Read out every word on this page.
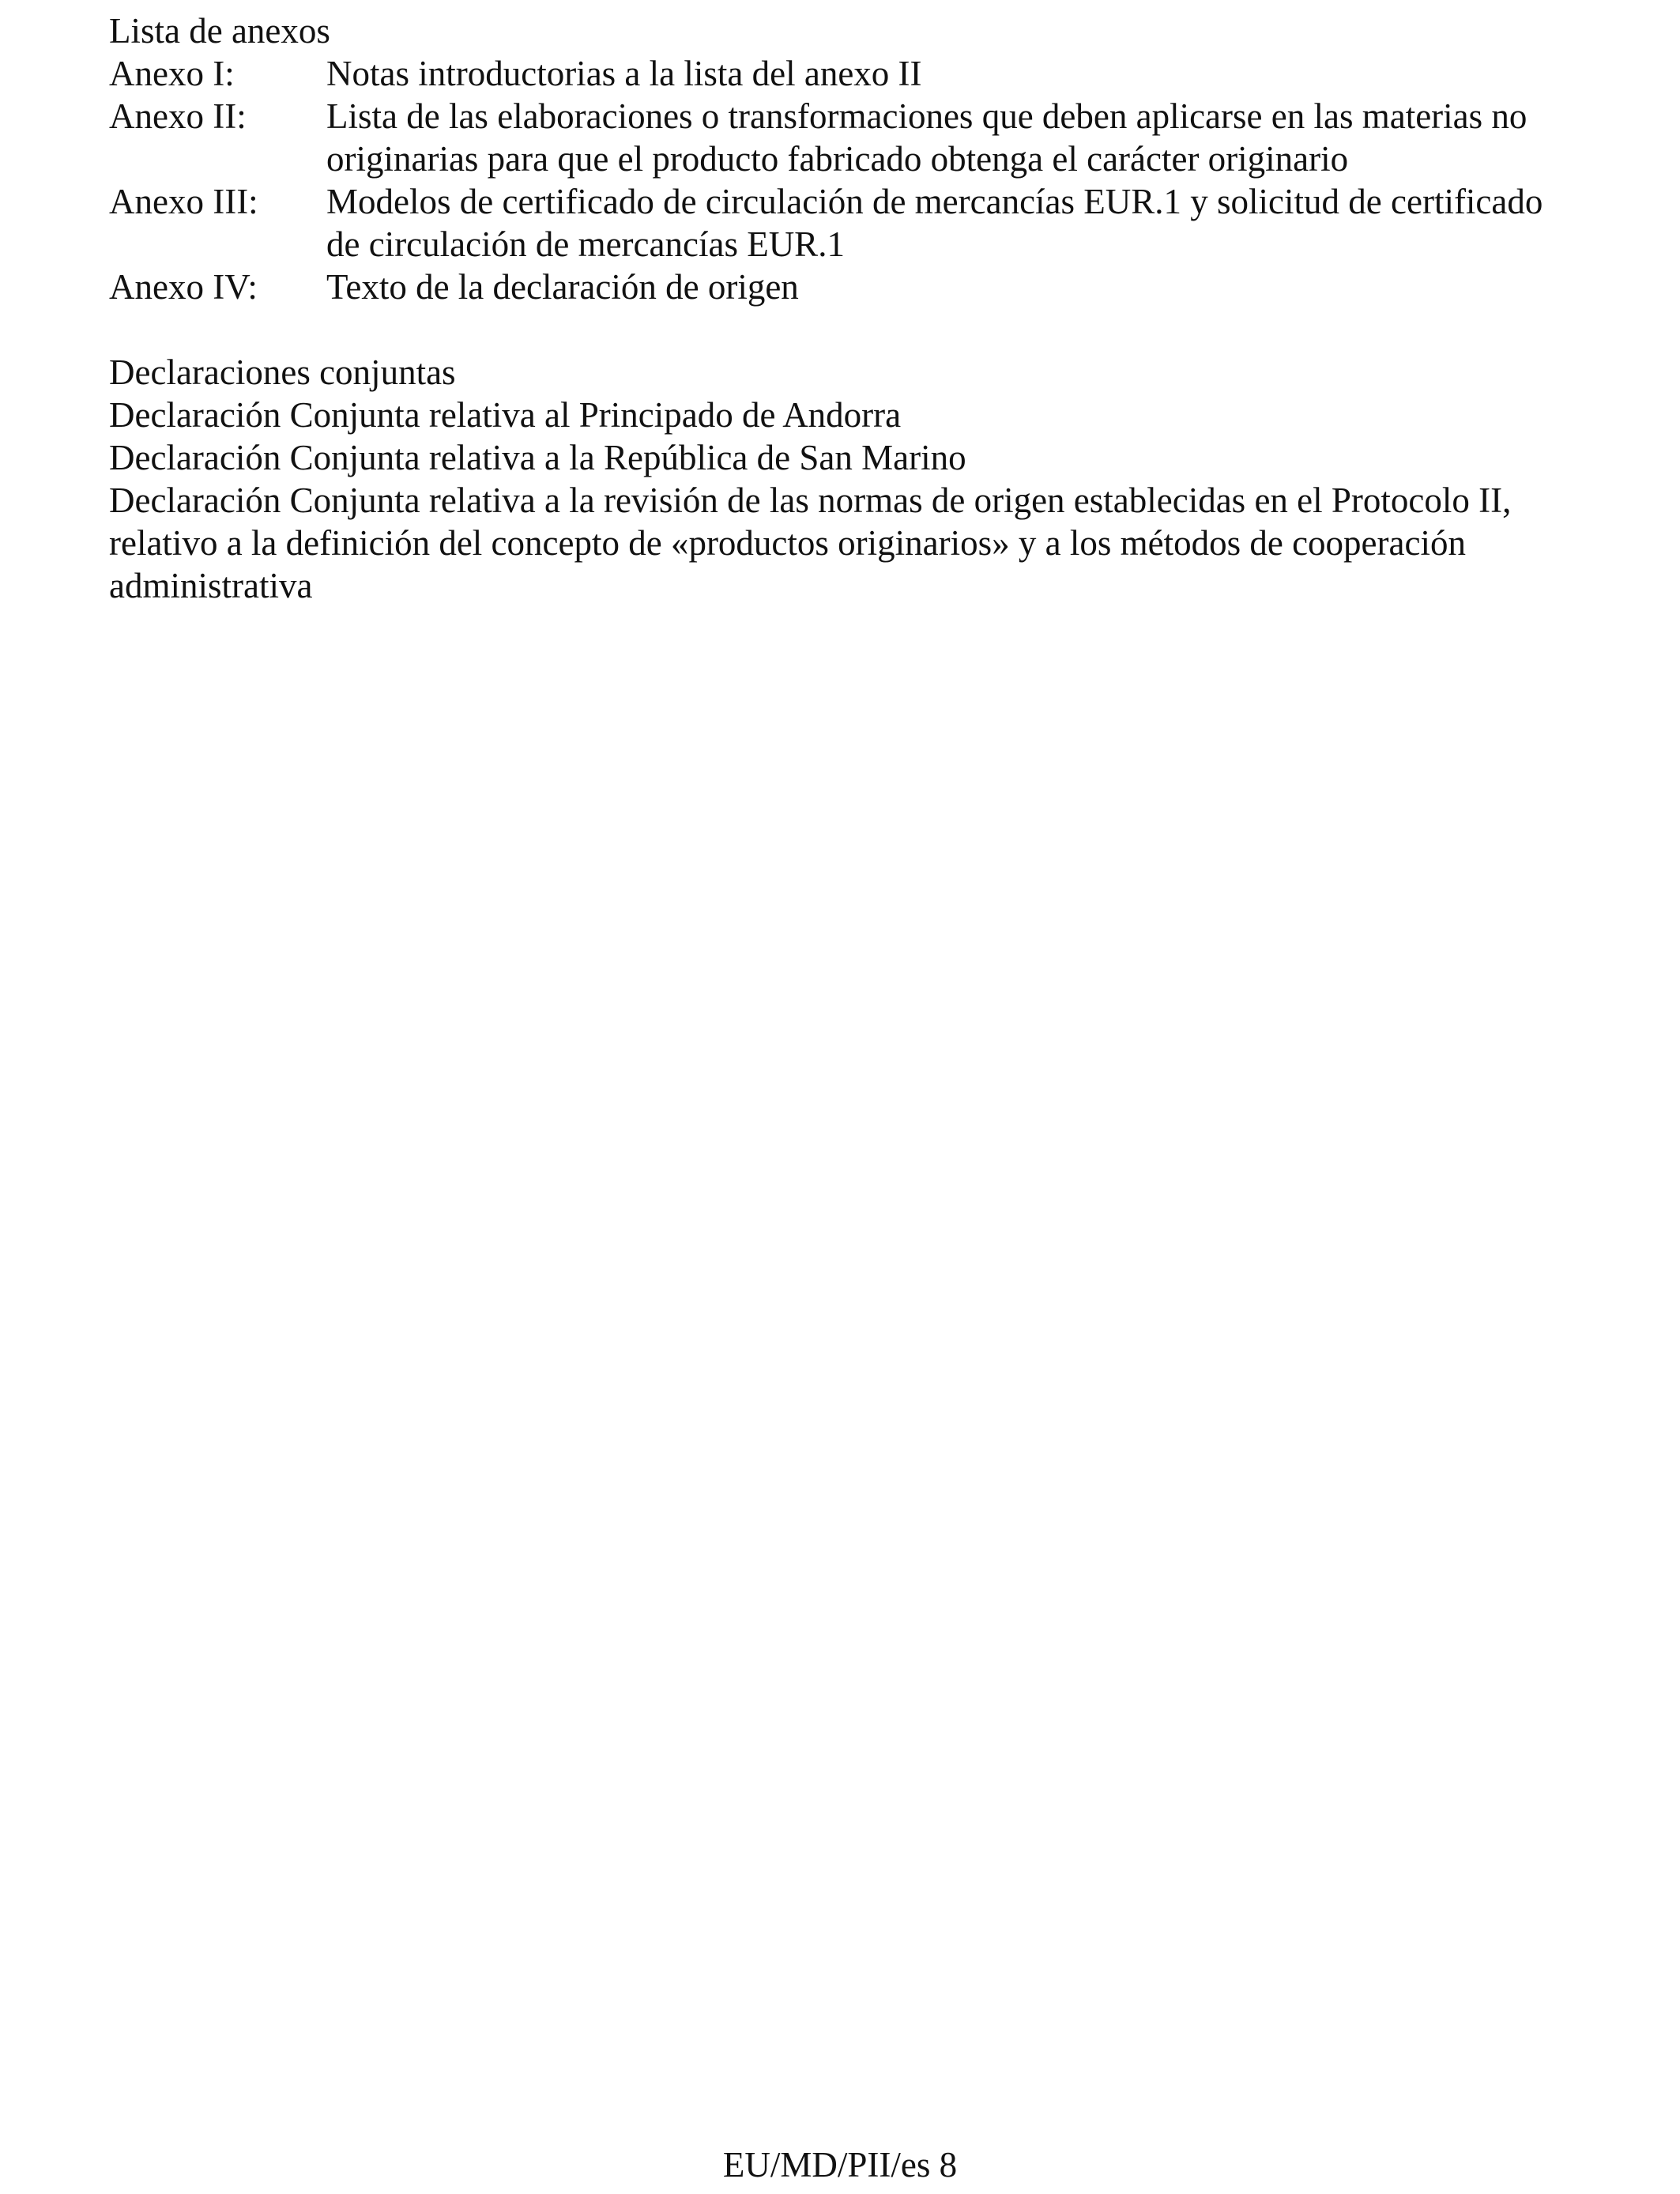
Lista de anexos
Anexo I:	Notas introductorias a la lista del anexo II
Anexo II:	Lista de las elaboraciones o transformaciones que deben aplicarse en las materias no
originarias para que el producto fabricado obtenga el carácter originario
Anexo III:	Modelos de certificado de circulación de mercancías EUR.1 y solicitud de certificado
de circulación de mercancías EUR.1
Anexo IV:	Texto de la declaración de origen
Declaraciones conjuntas
Declaración Conjunta relativa al Principado de Andorra
Declaración Conjunta relativa a la República de San Marino
Declaración Conjunta relativa a la revisión de las normas de origen establecidas en el Protocolo II,
relativo a la definición del concepto de «productos originarios» y a los métodos de cooperación
administrativa
EU/MD/PII/es 8
